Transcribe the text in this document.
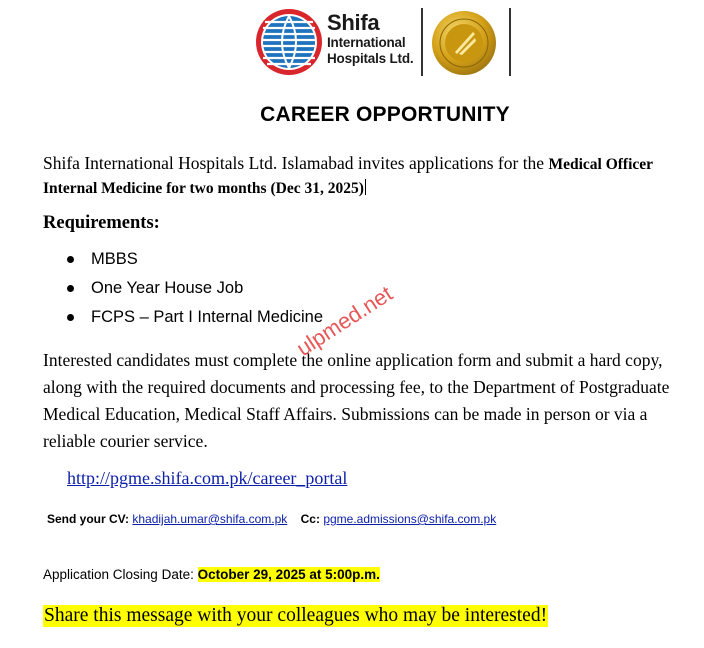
Shifa
International
Hospitals Ltd.
CAREER OPPORTUNITY
Shifa International Hospitals Ltd. Islamabad invites applications for the Medical Officer Internal Medicine for two months (Dec 31, 2025)
Requirements:
MBBS
One Year House Job
FCPS – Part I Internal Medicine
Interested candidates must complete the online application form and submit a hard copy, along with the required documents and processing fee, to the Department of Postgraduate Medical Education, Medical Staff Affairs. Submissions can be made in person or via a reliable courier service.
http://pgme.shifa.com.pk/career_portal
Send your CV: khadijah.umar@shifa.com.pk Cc: pgme.admissions@shifa.com.pk
Application Closing Date: October 29, 2025 at 5:00p.m.
Share this message with your colleagues who may be interested!
ulpmed.net
